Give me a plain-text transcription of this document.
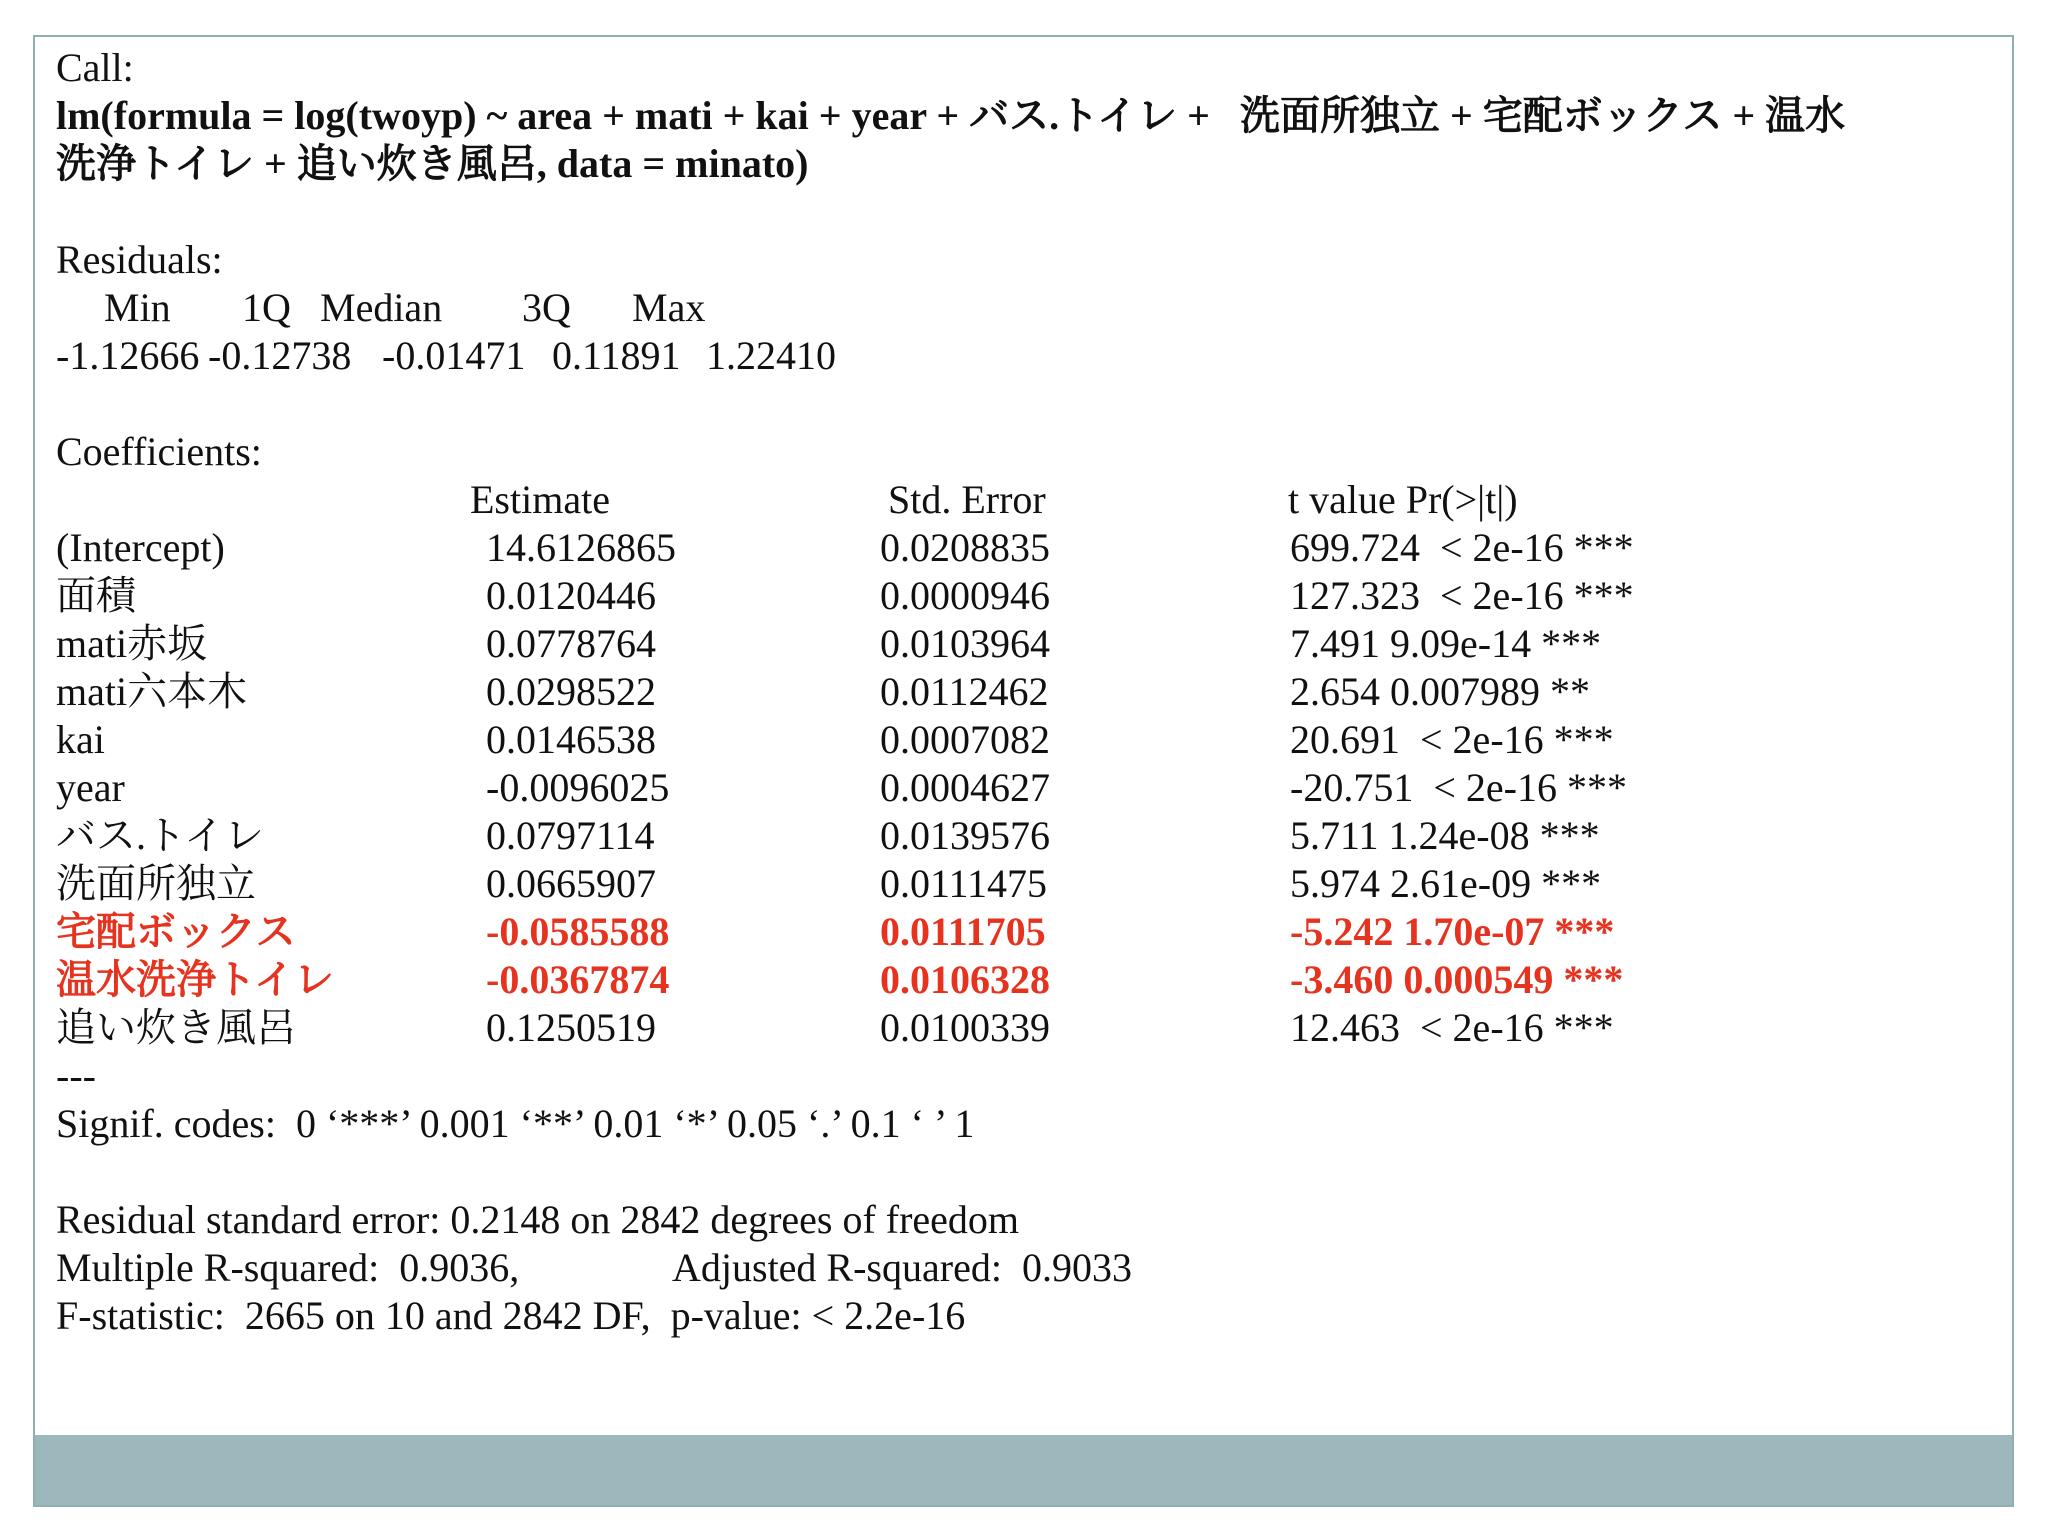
Call:
lm(formula = log(twoyp) ~ area + mati + kai + year + バス.トイレ +   洗面所独立 + 宅配ボックス + 温水
洗浄トイレ + 追い炊き風呂, data = minato)
Residuals:
Min 1Q Median 3Q Max
-1.12666 -0.12738 -0.01471 0.11891 1.22410
Coefficients:
Estimate	Std. Error	t value Pr(>|t|)
(Intercept)	14.6126865	0.0208835	699.724  < 2e-16 ***
面積	0.0120446	0.0000946	127.323  < 2e-16 ***
mati赤坂	0.0778764	0.0103964	7.491 9.09e-14 ***
mati六本木	0.0298522	0.0112462	2.654 0.007989 **
kai	0.0146538	0.0007082	20.691  < 2e-16 ***
year	-0.0096025	0.0004627	-20.751  < 2e-16 ***
バス.トイレ	0.0797114	0.0139576	5.711 1.24e-08 ***
洗面所独立	0.0665907	0.0111475	5.974 2.61e-09 ***
宅配ボックス	-0.0585588	0.0111705	-5.242 1.70e-07 ***
温水洗浄トイレ	-0.0367874	0.0106328	-3.460 0.000549 ***
追い炊き風呂	0.1250519	0.0100339	12.463  < 2e-16 ***
---
Signif. codes:  0 ‘***’ 0.001 ‘**’ 0.01 ‘*’ 0.05 ‘.’ 0.1 ‘ ’ 1
Residual standard error: 0.2148 on 2842 degrees of freedom
Multiple R-squared:  0.9036,	Adjusted R-squared:  0.9033
F-statistic:  2665 on 10 and 2842 DF,  p-value: < 2.2e-16
